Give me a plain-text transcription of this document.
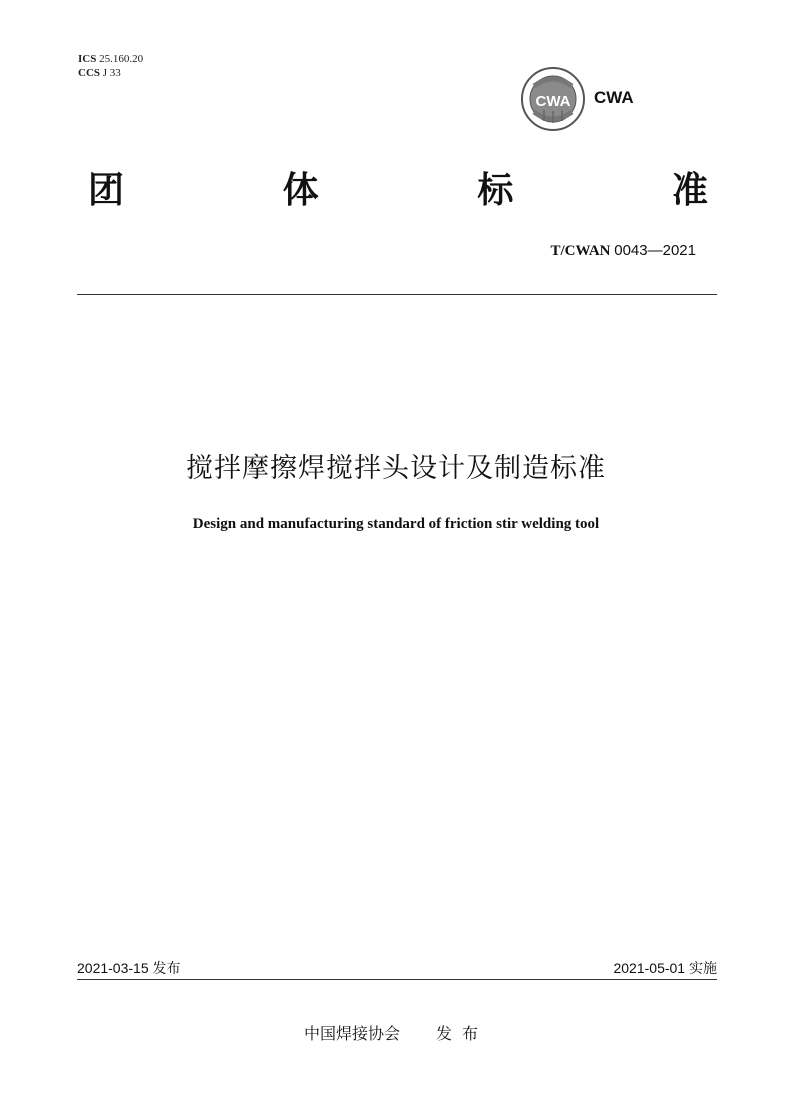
ICS 25.160.20
CCS J 33
CWA CWA
团	体	标	准
T/CWAN 0043—2021
搅拌摩擦焊搅拌头设计及制造标准
Design and manufacturing standard of friction stir welding tool
2021-03-15 发布	2021-05-01 实施
中国焊接协会 发布
